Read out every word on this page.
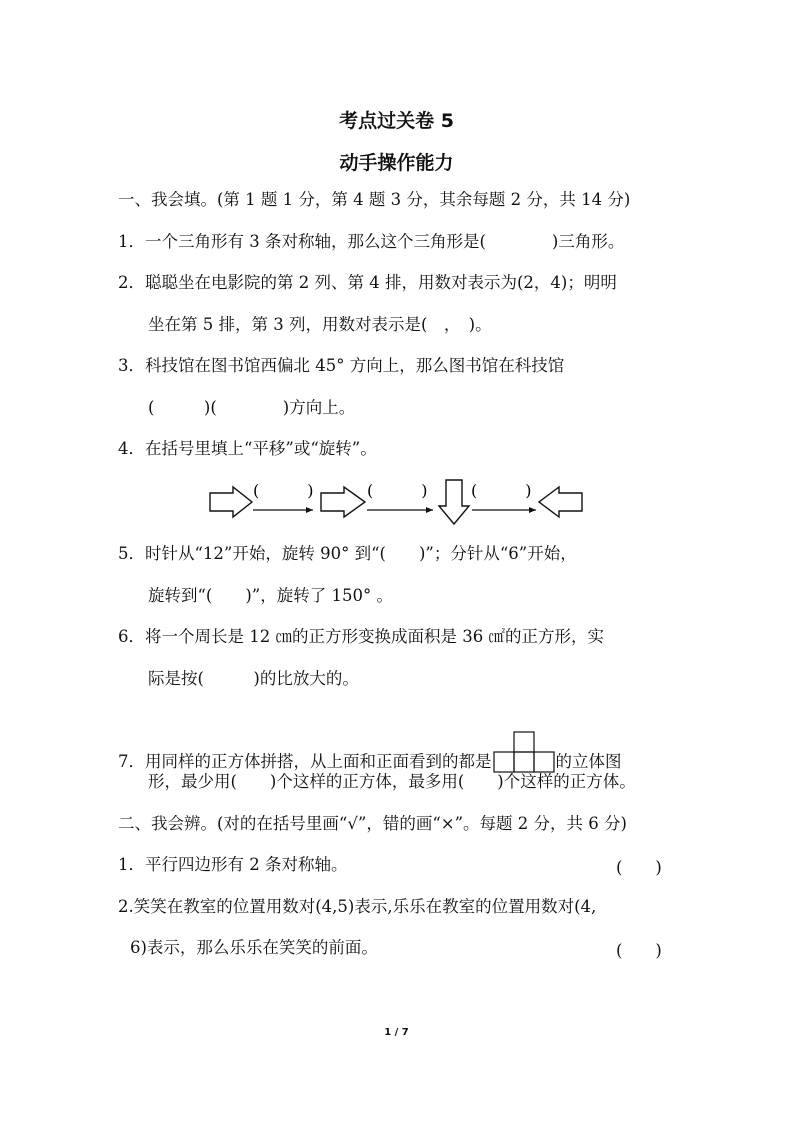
考点过关卷 5
动手操作能力
一、我会填。(第 1 题 1 分，第 4 题 3 分，其余每题 2 分，共 14 分)
1．一个三角形有 3 条对称轴，那么这个三角形是(　　　　)三角形。
2．聪聪坐在电影院的第 2 列、第 4 排，用数对表示为(2，4)；明明
坐在第 5 排，第 3 列，用数对表示是(　，　)。
3．科技馆在图书馆西偏北 45° 方向上，那么图书馆在科技馆
(　　　)(　　　　)方向上。
4．在括号里填上“平移”或“旋转”。
(　　　)	(　　　)	(　　　)
5．时针从“12”开始，旋转 90° 到“(　　)”；分针从“6”开始，
旋转到“(　　)”，旋转了 150° 。
6．将一个周长是 12 ㎝的正方形变换成面积是 36 ㎠的正方形，实
际是按(　　　)的比放大的。
7．用同样的正方体拼搭，从上面和正面看到的都是	的立体图
形，最少用(　　)个这样的正方体，最多用(　　)个这样的正方体。
二、我会辨。(对的在括号里画“√”，错的画“×”。每题 2 分，共 6 分)
1．平行四边形有 2 条对称轴。	(　　)
2.笑笑在教室的位置用数对(4,5)表示,乐乐在教室的位置用数对(4,
6)表示，那么乐乐在笑笑的前面。	(　　)
1 / 7
